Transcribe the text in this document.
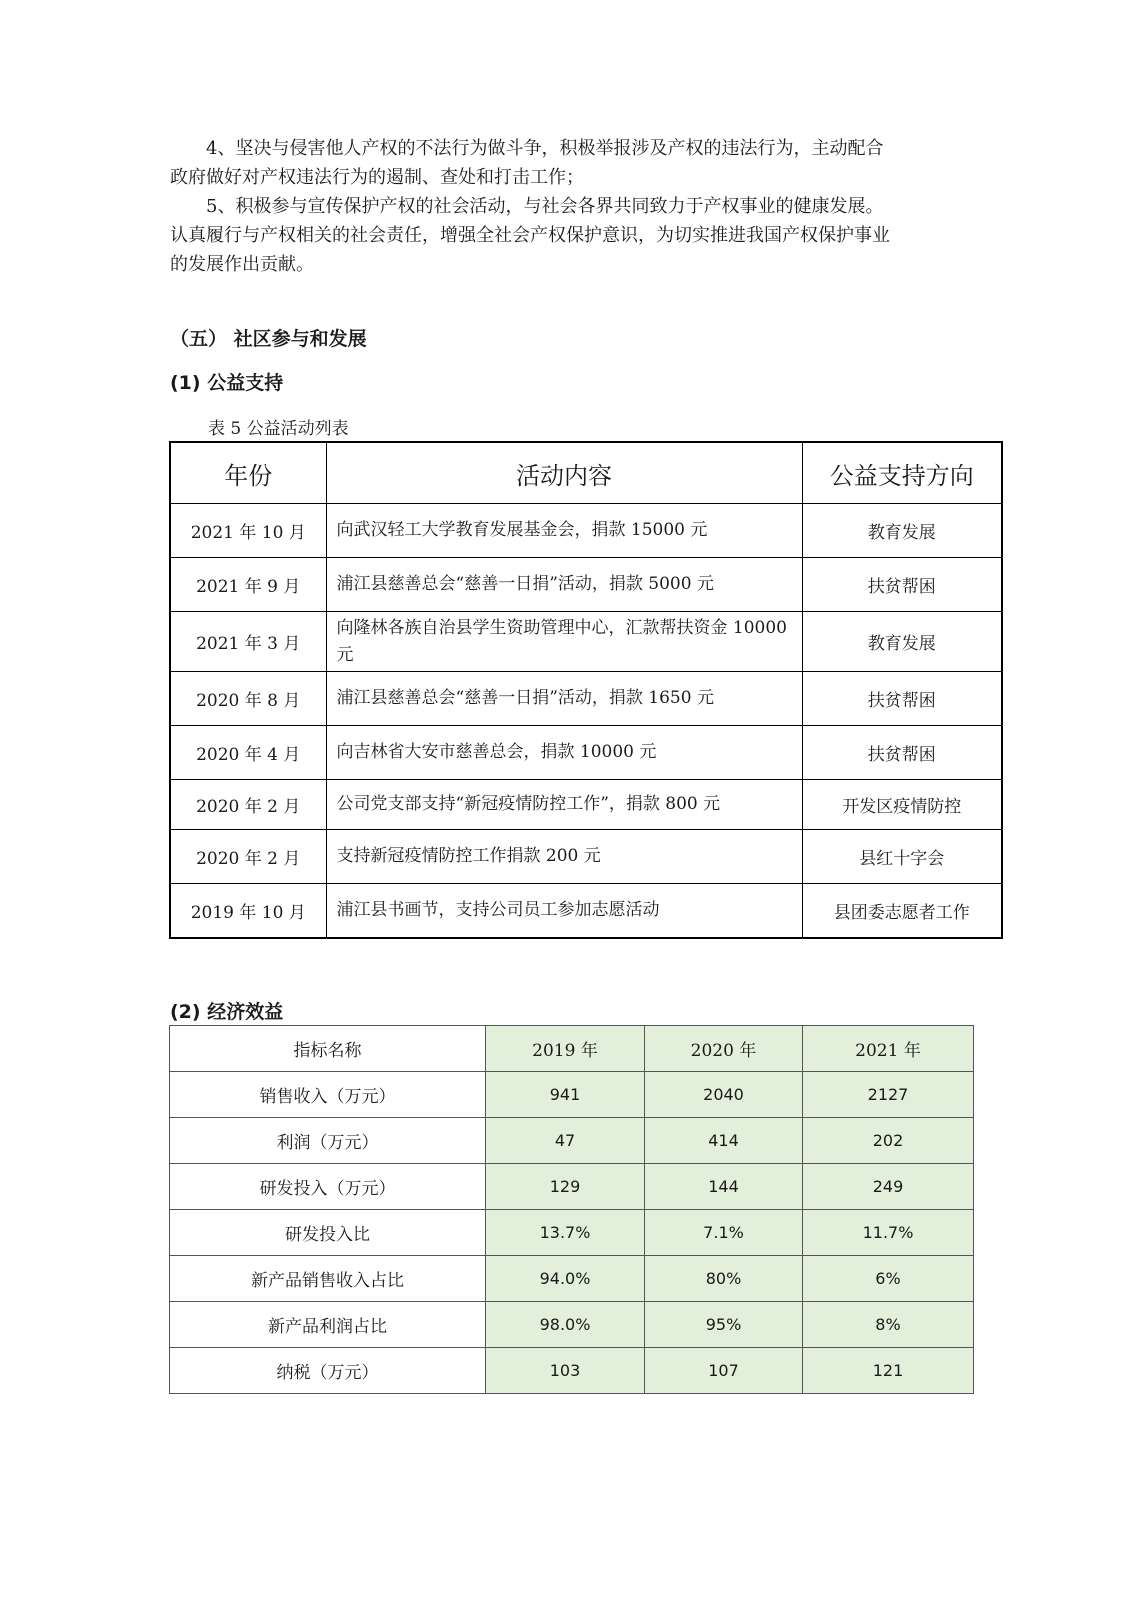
4、坚决与侵害他人产权的不法行为做斗争，积极举报涉及产权的违法行为，主动配合
政府做好对产权违法行为的遏制、查处和打击工作；

5、积极参与宣传保护产权的社会活动，与社会各界共同致力于产权事业的健康发展。
认真履行与产权相关的社会责任，增强全社会产权保护意识，为切实推进我国产权保护事业
的发展作出贡献。

（五） 社区参与和发展
(1) 公益支持

表 5 公益活动列表

年份	活动内容	公益支持方向
2021 年 10 月	向武汉轻工大学教育发展基金会，捐款 15000 元	教育发展
2021 年 9 月	浦江县慈善总会“慈善一日捐”活动，捐款 5000 元	扶贫帮困
2021 年 3 月	向隆林各族自治县学生资助管理中心，汇款帮扶资金 10000 元	教育发展
2020 年 8 月	浦江县慈善总会“慈善一日捐”活动，捐款 1650 元	扶贫帮困
2020 年 4 月	向吉林省大安市慈善总会，捐款 10000 元	扶贫帮困
2020 年 2 月	公司党支部支持“新冠疫情防控工作”，捐款 800 元	开发区疫情防控
2020 年 2 月	支持新冠疫情防控工作捐款 200 元	县红十字会
2019 年 10 月	浦江县书画节，支持公司员工参加志愿活动	县团委志愿者工作
(2) 经济效益
指标名称	2019 年	2020 年	2021 年
销售收入（万元）	941	2040	2127
利润（万元）	47	414	202
研发投入（万元）	129	144	249
研发投入比	13.7%	7.1%	11.7%
新产品销售收入占比	94.0%	80%	6%
新产品利润占比	98.0%	95%	8%
纳税（万元）	103	107	121
